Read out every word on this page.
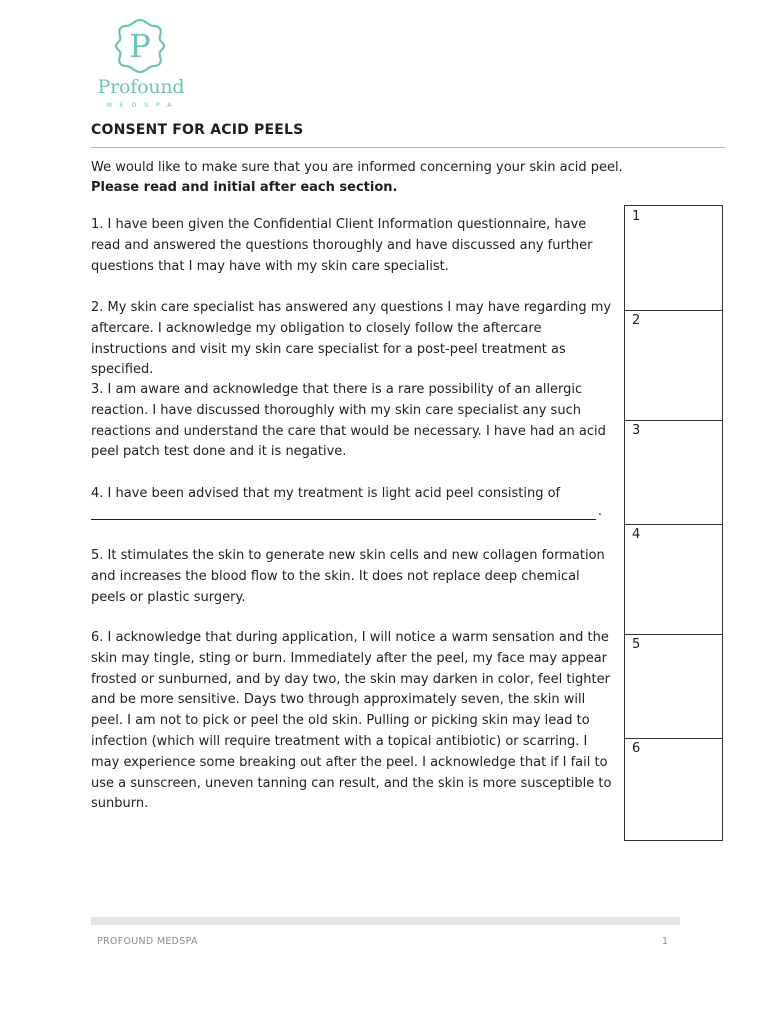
P
Profound
MEDSPA
CONSENT FOR ACID PEELS
We would like to make sure that you are informed concerning your skin acid peel.
Please read and initial after each section.
1. I have been given the Confidential Client Information questionnaire, have read and answered the questions thoroughly and have discussed any further questions that I may have with my skin care specialist.
2. My skin care specialist has answered any questions I may have regarding my aftercare. I acknowledge my obligation to closely follow the aftercare instructions and visit my skin care specialist for a post-peel treatment as specified.
3. I am aware and acknowledge that there is a rare possibility of an allergic reaction. I have discussed thoroughly with my skin care specialist any such reactions and understand the care that would be necessary. I have had an acid peel patch test done and it is negative.
4. I have been advised that my treatment is light acid peel consisting of
.
5. It stimulates the skin to generate new skin cells and new collagen formation and increases the blood flow to the skin. It does not replace deep chemical peels or plastic surgery.
6. I acknowledge that during application, I will notice a warm sensation and the skin may tingle, sting or burn. Immediately after the peel, my face may appear frosted or sunburned, and by day two, the skin may darken in color, feel tighter and be more sensitive. Days two through approximately seven, the skin will peel. I am not to pick or peel the old skin. Pulling or picking skin may lead to infection (which will require treatment with a topical antibiotic) or scarring. I may experience some breaking out after the peel. I acknowledge that if I fail to use a sunscreen, uneven tanning can result, and the skin is more susceptible to sunburn.
1
2
3
4
5
6
PROFOUND MEDSPA	1
